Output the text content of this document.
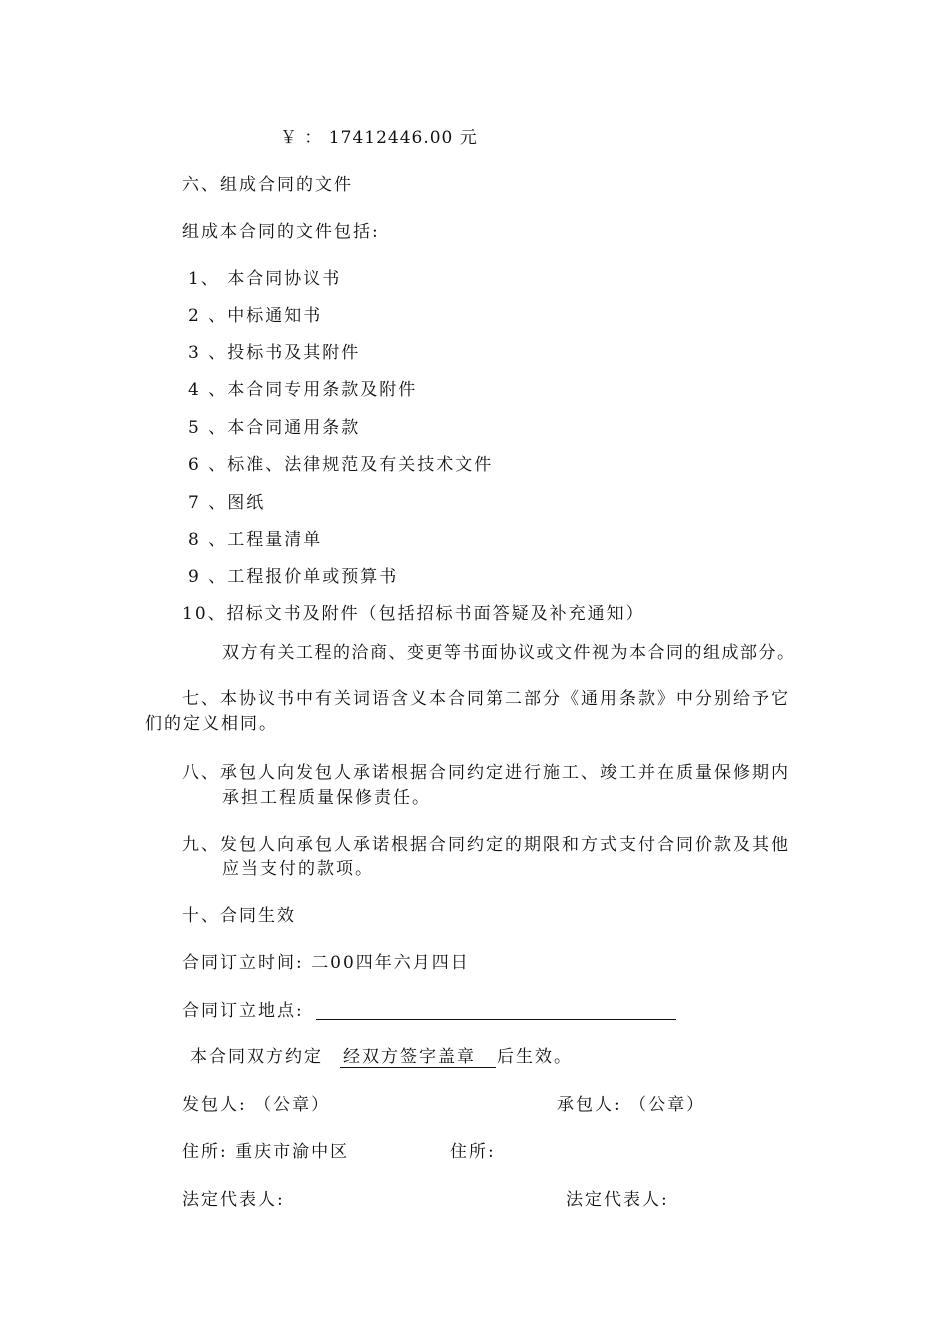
￥ ： 17412446.00 元
六、组成合同的文件
组成本合同的文件包括:
1、 本合同协议书
2 、中标通知书
3 、投标书及其附件
4 、本合同专用条款及附件
5 、本合同通用条款
6 、标准、法律规范及有关技术文件
7 、图纸
8 、工程量清单
9 、工程报价单或预算书
10、招标文书及附件（包括招标书面答疑及补充通知）
双方有关工程的洽商、变更等书面协议或文件视为本合同的组成部分。
七、本协议书中有关词语含义本合同第二部分《通用条款》中分别给予它
们的定义相同。
八、承包人向发包人承诺根据合同约定进行施工、竣工并在质量保修期内
承担工程质量保修责任。
九、发包人向承包人承诺根据合同约定的期限和方式支付合同价款及其他
应当支付的款项。
十、合同生效
合同订立时间: 二00四年六月四日
合同订立地点:
本合同双方约定 经双方签字盖章 后生效。
发包人: （公章）	承包人: （公章）
住所: 重庆市渝中区	住所:
法定代表人:	法定代表人:
